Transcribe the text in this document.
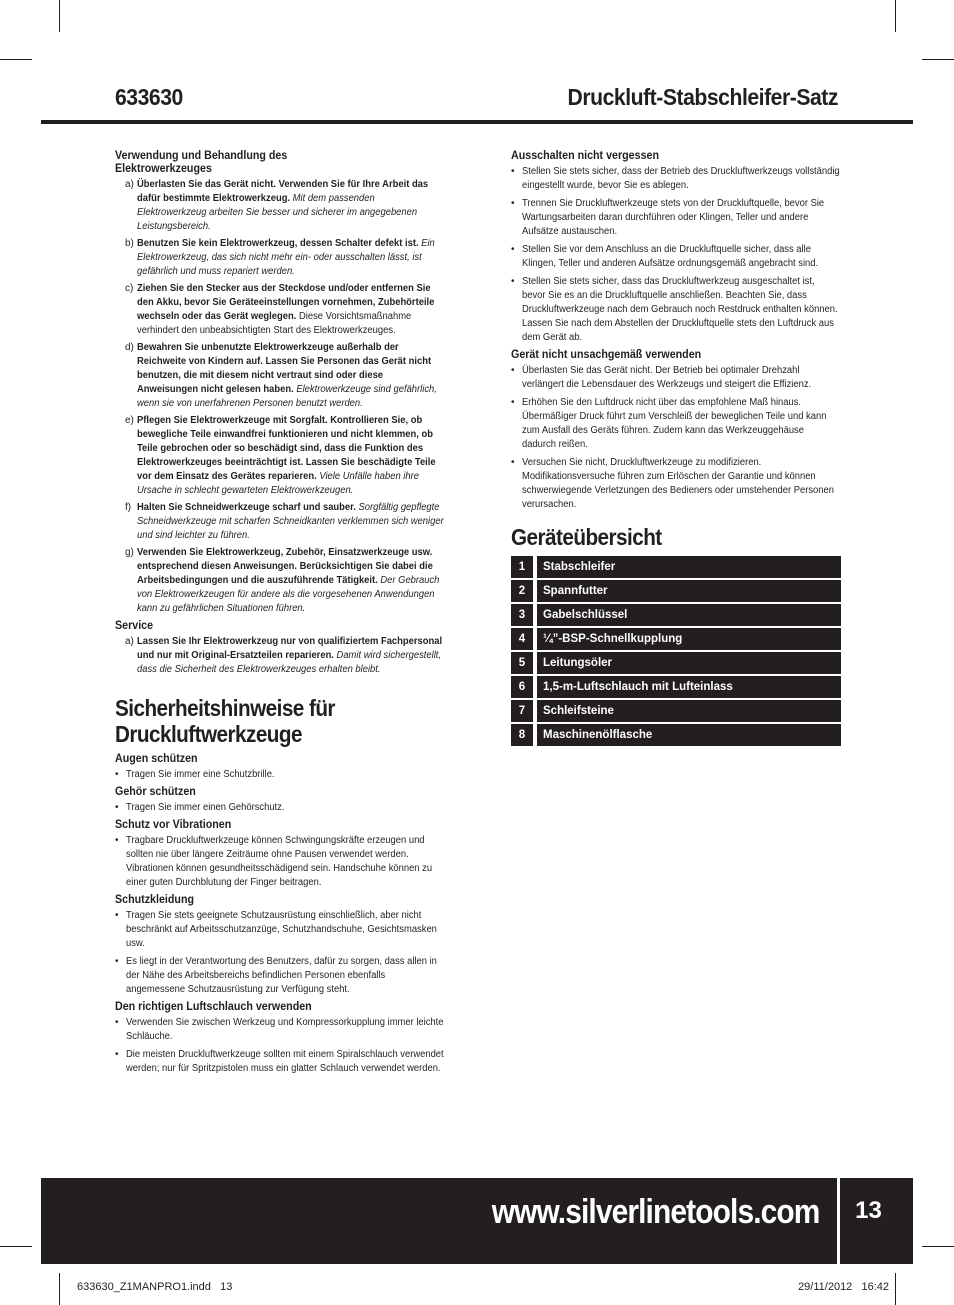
633630	Druckluft-Stabschleifer-Satz
Verwendung und Behandlung des Elektrowerkzeuges
a) Überlasten Sie das Gerät nicht. Verwenden Sie für Ihre Arbeit das dafür bestimmte Elektrowerkzeug. Mit dem passenden Elektrowerkzeug arbeiten Sie besser und sicherer im angegebenen Leistungsbereich.
b) Benutzen Sie kein Elektrowerkzeug, dessen Schalter defekt ist. Ein Elektrowerkzeug, das sich nicht mehr ein- oder ausschalten lässt, ist gefährlich und muss repariert werden.
c) Ziehen Sie den Stecker aus der Steckdose und/oder entfernen Sie den Akku, bevor Sie Geräteeinstellungen vornehmen, Zubehörteile wechseln oder das Gerät weglegen. Diese Vorsichtsmaßnahme verhindert den unbeabsichtigten Start des Elektrowerkzeuges.
d) Bewahren Sie unbenutzte Elektrowerkzeuge außerhalb der Reichweite von Kindern auf. Lassen Sie Personen das Gerät nicht benutzen, die mit diesem nicht vertraut sind oder diese Anweisungen nicht gelesen haben. Elektrowerkzeuge sind gefährlich, wenn sie von unerfahrenen Personen benutzt werden.
e) Pflegen Sie Elektrowerkzeuge mit Sorgfalt. Kontrollieren Sie, ob bewegliche Teile einwandfrei funktionieren und nicht klemmen, ob Teile gebrochen oder so beschädigt sind, dass die Funktion des Elektrowerkzeuges beeinträchtigt ist. Lassen Sie beschädigte Teile vor dem Einsatz des Gerätes reparieren. Viele Unfälle haben ihre Ursache in schlecht gewarteten Elektrowerkzeugen.
f) Halten Sie Schneidwerkzeuge scharf und sauber. Sorgfältig gepflegte Schneidwerkzeuge mit scharfen Schneidkanten verklemmen sich weniger und sind leichter zu führen.
g) Verwenden Sie Elektrowerkzeug, Zubehör, Einsatzwerkzeuge usw. entsprechend diesen Anweisungen. Berücksichtigen Sie dabei die Arbeitsbedingungen und die auszuführende Tätigkeit. Der Gebrauch von Elektrowerkzeugen für andere als die vorgesehenen Anwendungen kann zu gefährlichen Situationen führen.
Service
a) Lassen Sie Ihr Elektrowerkzeug nur von qualifiziertem Fachpersonal und nur mit Original-Ersatzteilen reparieren. Damit wird sichergestellt, dass die Sicherheit des Elektrowerkzeuges erhalten bleibt.
Sicherheitshinweise für Druckluftwerkzeuge
Augen schützen
• Tragen Sie immer eine Schutzbrille.
Gehör schützen
• Tragen Sie immer einen Gehörschutz.
Schutz vor Vibrationen
• Tragbare Druckluftwerkzeuge können Schwingungskräfte erzeugen und sollten nie über längere Zeiträume ohne Pausen verwendet werden. Vibrationen können gesundheitsschädigend sein. Handschuhe können zu einer guten Durchblutung der Finger beitragen.
Schutzkleidung
• Tragen Sie stets geeignete Schutzausrüstung einschließlich, aber nicht beschränkt auf Arbeitsschutzanzüge, Schutzhandschuhe, Gesichtsmasken usw.
• Es liegt in der Verantwortung des Benutzers, dafür zu sorgen, dass allen in der Nähe des Arbeitsbereichs befindlichen Personen ebenfalls angemessene Schutzausrüstung zur Verfügung steht.
Den richtigen Luftschlauch verwenden
• Verwenden Sie zwischen Werkzeug und Kompressorkupplung immer leichte Schläuche.
• Die meisten Druckluftwerkzeuge sollten mit einem Spiralschlauch verwendet werden; nur für Spritzpistolen muss ein glatter Schlauch verwendet werden.
Ausschalten nicht vergessen
• Stellen Sie stets sicher, dass der Betrieb des Druckluftwerkzeugs vollständig eingestellt wurde, bevor Sie es ablegen.
• Trennen Sie Druckluftwerkzeuge stets von der Druckluftquelle, bevor Sie Wartungsarbeiten daran durchführen oder Klingen, Teller und andere Aufsätze austauschen.
• Stellen Sie vor dem Anschluss an die Druckluftquelle sicher, dass alle Klingen, Teller und anderen Aufsätze ordnungsgemäß angebracht sind.
• Stellen Sie stets sicher, dass das Druckluftwerkzeug ausgeschaltet ist, bevor Sie es an die Druckluftquelle anschließen. Beachten Sie, dass Druckluftwerkzeuge nach dem Gebrauch noch Restdruck enthalten können. Lassen Sie nach dem Abstellen der Druckluftquelle stets den Luftdruck aus dem Gerät ab.
Gerät nicht unsachgemäß verwenden
• Überlasten Sie das Gerät nicht. Der Betrieb bei optimaler Drehzahl verlängert die Lebensdauer des Werkzeugs und steigert die Effizienz.
• Erhöhen Sie den Luftdruck nicht über das empfohlene Maß hinaus. Übermäßiger Druck führt zum Verschleiß der beweglichen Teile und kann zum Ausfall des Geräts führen. Zudem kann das Werkzeuggehäuse dadurch reißen.
• Versuchen Sie nicht, Druckluftwerkzeuge zu modifizieren. Modifikationsversuche führen zum Erlöschen der Garantie und können schwerwiegende Verletzungen des Bedieners oder umstehender Personen verursachen.
Geräteübersicht
1	Stabschleifer
2	Spannfutter
3	Gabelschlüssel
4	¼”-BSP-Schnellkupplung
5	Leitungsöler
6	1,5-m-Luftschlauch mit Lufteinlass
7	Schleifsteine
8	Maschinenölflasche
www.silverlinetools.com	13
633630_Z1MANPRO1.indd   13	29/11/2012   16:42
